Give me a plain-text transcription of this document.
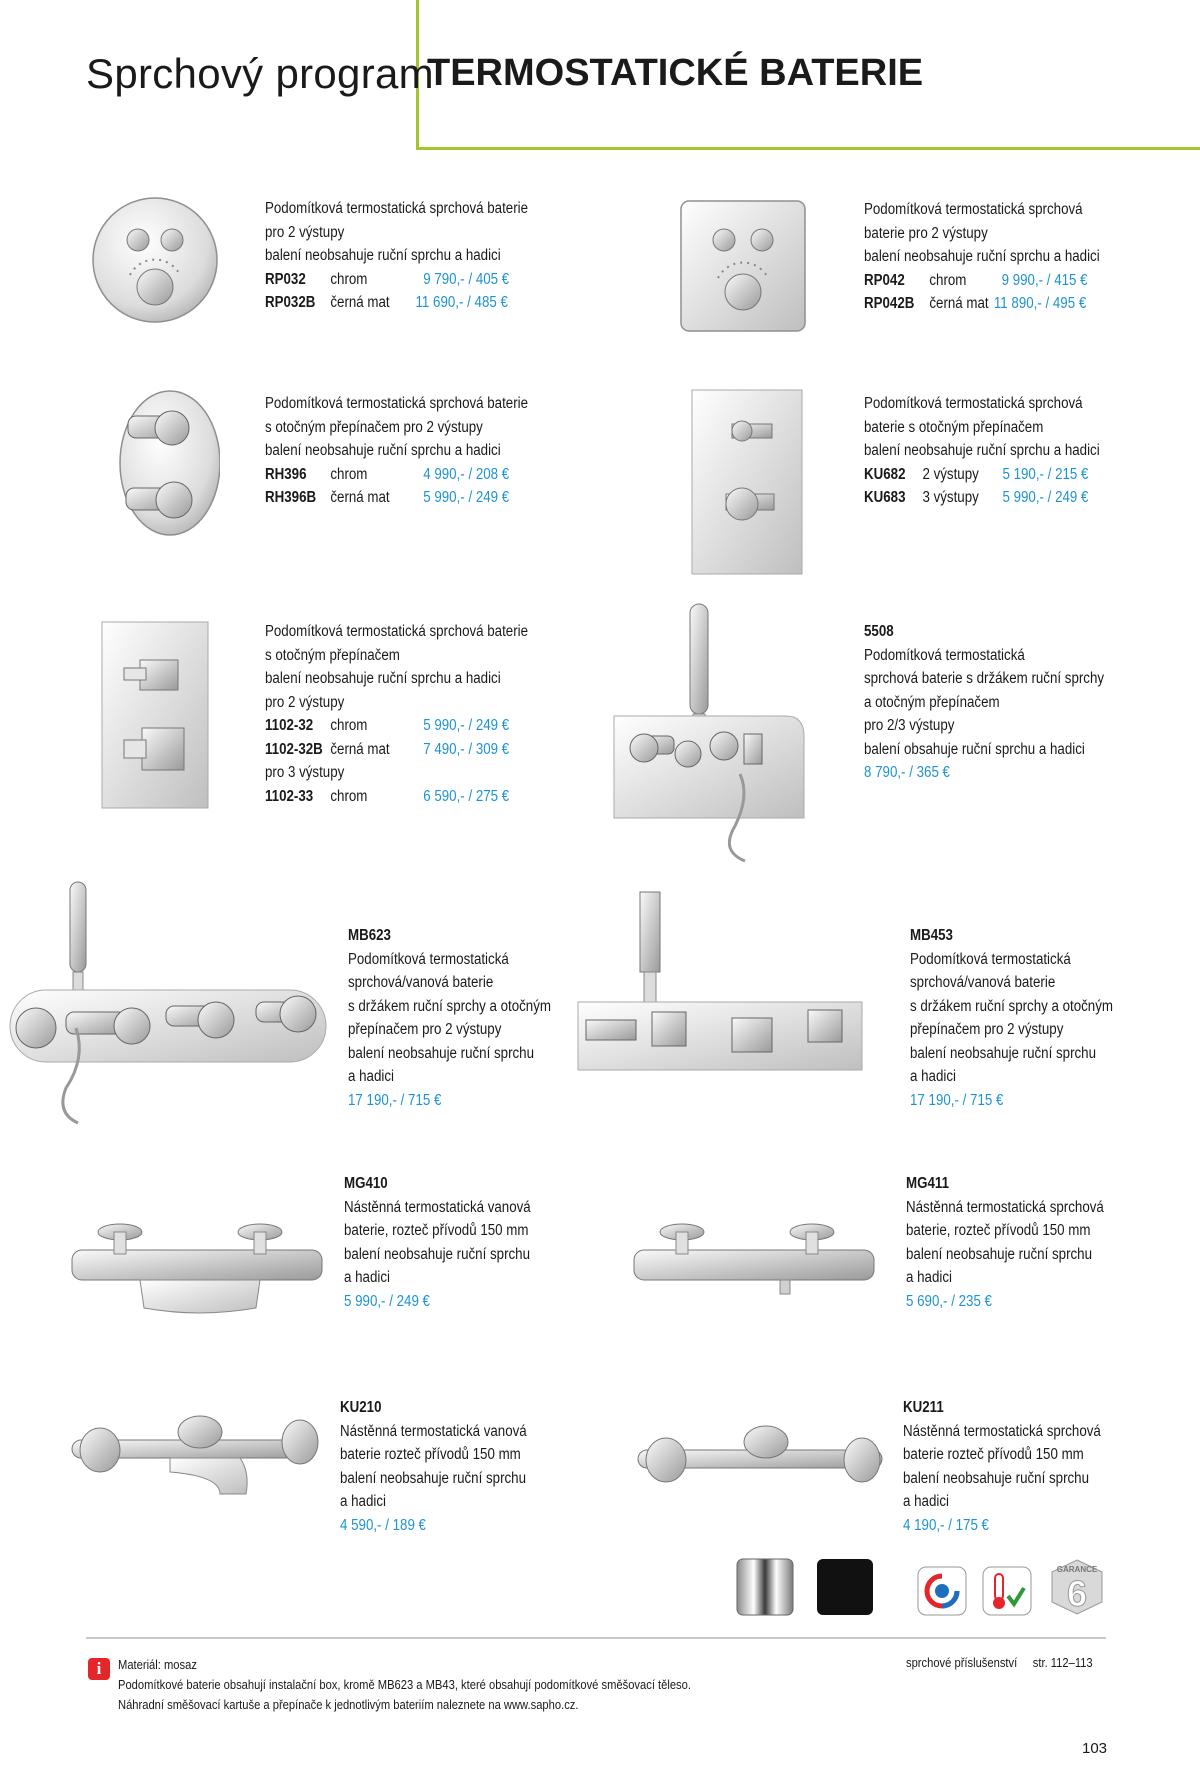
Sprchový program
TERMOSTATICKÉ BATERIE
GARANCE
6
Podomítková termostatická sprchová baterie
pro 2 výstupy
balení neobsahuje ruční sprchu a hadici
RP032 chrom	9 790,- / 405 €
RP032B černá mat 11 690,- / 485 €
Podomítková termostatická sprchová
baterie pro 2 výstupy
balení neobsahuje ruční sprchu a hadici
RP042 chrom 9 990,- / 415 €
RP042B černá mat 11 890,- / 495 €
Podomítková termostatická sprchová baterie
s otočným přepínačem pro 2 výstupy
balení neobsahuje ruční sprchu a hadici
RH396 chrom	4 990,- / 208 €
RH396B černá mat 5 990,- / 249 €
Podomítková termostatická sprchová
baterie s otočným přepínačem
balení neobsahuje ruční sprchu a hadici
KU682 2 výstupy 5 190,- / 215 €
KU683 3 výstupy 5 990,- / 249 €
Podomítková termostatická sprchová baterie
s otočným přepínačem
balení neobsahuje ruční sprchu a hadici
pro 2 výstupy
1102-32 chrom	5 990,- / 249 €
1102-32B černá mat 7 490,- / 309 €
pro 3 výstupy
1102-33 chrom	6 590,- / 275 €
5508
Podomítková termostatická
sprchová baterie s držákem ruční sprchy
a otočným přepínačem
pro 2/3 výstupy
balení obsahuje ruční sprchu a hadici
8 790,- / 365 €
MB623
Podomítková termostatická
sprchová/vanová baterie
s držákem ruční sprchy a otočným
přepínačem pro 2 výstupy
balení neobsahuje ruční sprchu
a hadici
17 190,- / 715 €
MB453
Podomítková termostatická
sprchová/vanová baterie
s držákem ruční sprchy a otočným
přepínačem pro 2 výstupy
balení neobsahuje ruční sprchu
a hadici
17 190,- / 715 €
MG410
Nástěnná termostatická vanová
baterie, rozteč přívodů 150 mm
balení neobsahuje ruční sprchu
a hadici
5 990,- / 249 €
MG411
Nástěnná termostatická sprchová
baterie, rozteč přívodů 150 mm
balení neobsahuje ruční sprchu
a hadici
5 690,- / 235 €
KU210
Nástěnná termostatická vanová
baterie rozteč přívodů 150 mm
balení neobsahuje ruční sprchu
a hadici
4 590,- / 189 €
KU211
Nástěnná termostatická sprchová
baterie rozteč přívodů 150 mm
balení neobsahuje ruční sprchu
a hadici
4 190,- / 175 €
i	Materiál: mosaz
Podomítkové baterie obsahují instalační box, kromě MB623 a MB43, které obsahují podomítkové směšovací těleso.
Náhradní směšovací kartuše a přepínače k jednotlivým bateriím naleznete na www.sapho.cz.
sprchové příslušenství str. 112–113
103
